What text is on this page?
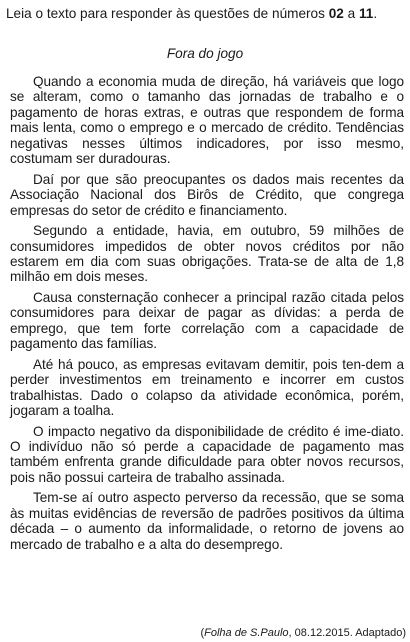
Leia o texto para responder às questões de números 02 a 11.

Fora do jogo

Quando a economia muda de direção, há variáveis que logo se alteram, como o tamanho das jornadas de trabalho e o pagamento de horas extras, e outras que respondem de forma mais lenta, como o emprego e o mercado de crédito. Tendências negativas nesses últimos indicadores, por isso mesmo, costumam ser duradouras.

Daí por que são preocupantes os dados mais recentes da Associação Nacional dos Birôs de Crédito, que congrega empresas do setor de crédito e financiamento.

Segundo a entidade, havia, em outubro, 59 milhões de consumidores impedidos de obter novos créditos por não estarem em dia com suas obrigações. Trata-se de alta de 1,8 milhão em dois meses.

Causa consternação conhecer a principal razão citada pelos consumidores para deixar de pagar as dívidas: a perda de emprego, que tem forte correlação com a capacidade de pagamento das famílias.

Até há pouco, as empresas evitavam demitir, pois ten-dem a perder investimentos em treinamento e incorrer em custos trabalhistas. Dado o colapso da atividade econômica, porém, jogaram a toalha.

O impacto negativo da disponibilidade de crédito é ime-diato. O indivíduo não só perde a capacidade de pagamento mas também enfrenta grande dificuldade para obter novos recursos, pois não possui carteira de trabalho assinada.

Tem-se aí outro aspecto perverso da recessão, que se soma às muitas evidências de reversão de padrões positivos da última década – o aumento da informalidade, o retorno de jovens ao mercado de trabalho e a alta do desemprego.

(Folha de S.Paulo, 08.12.2015. Adaptado)
